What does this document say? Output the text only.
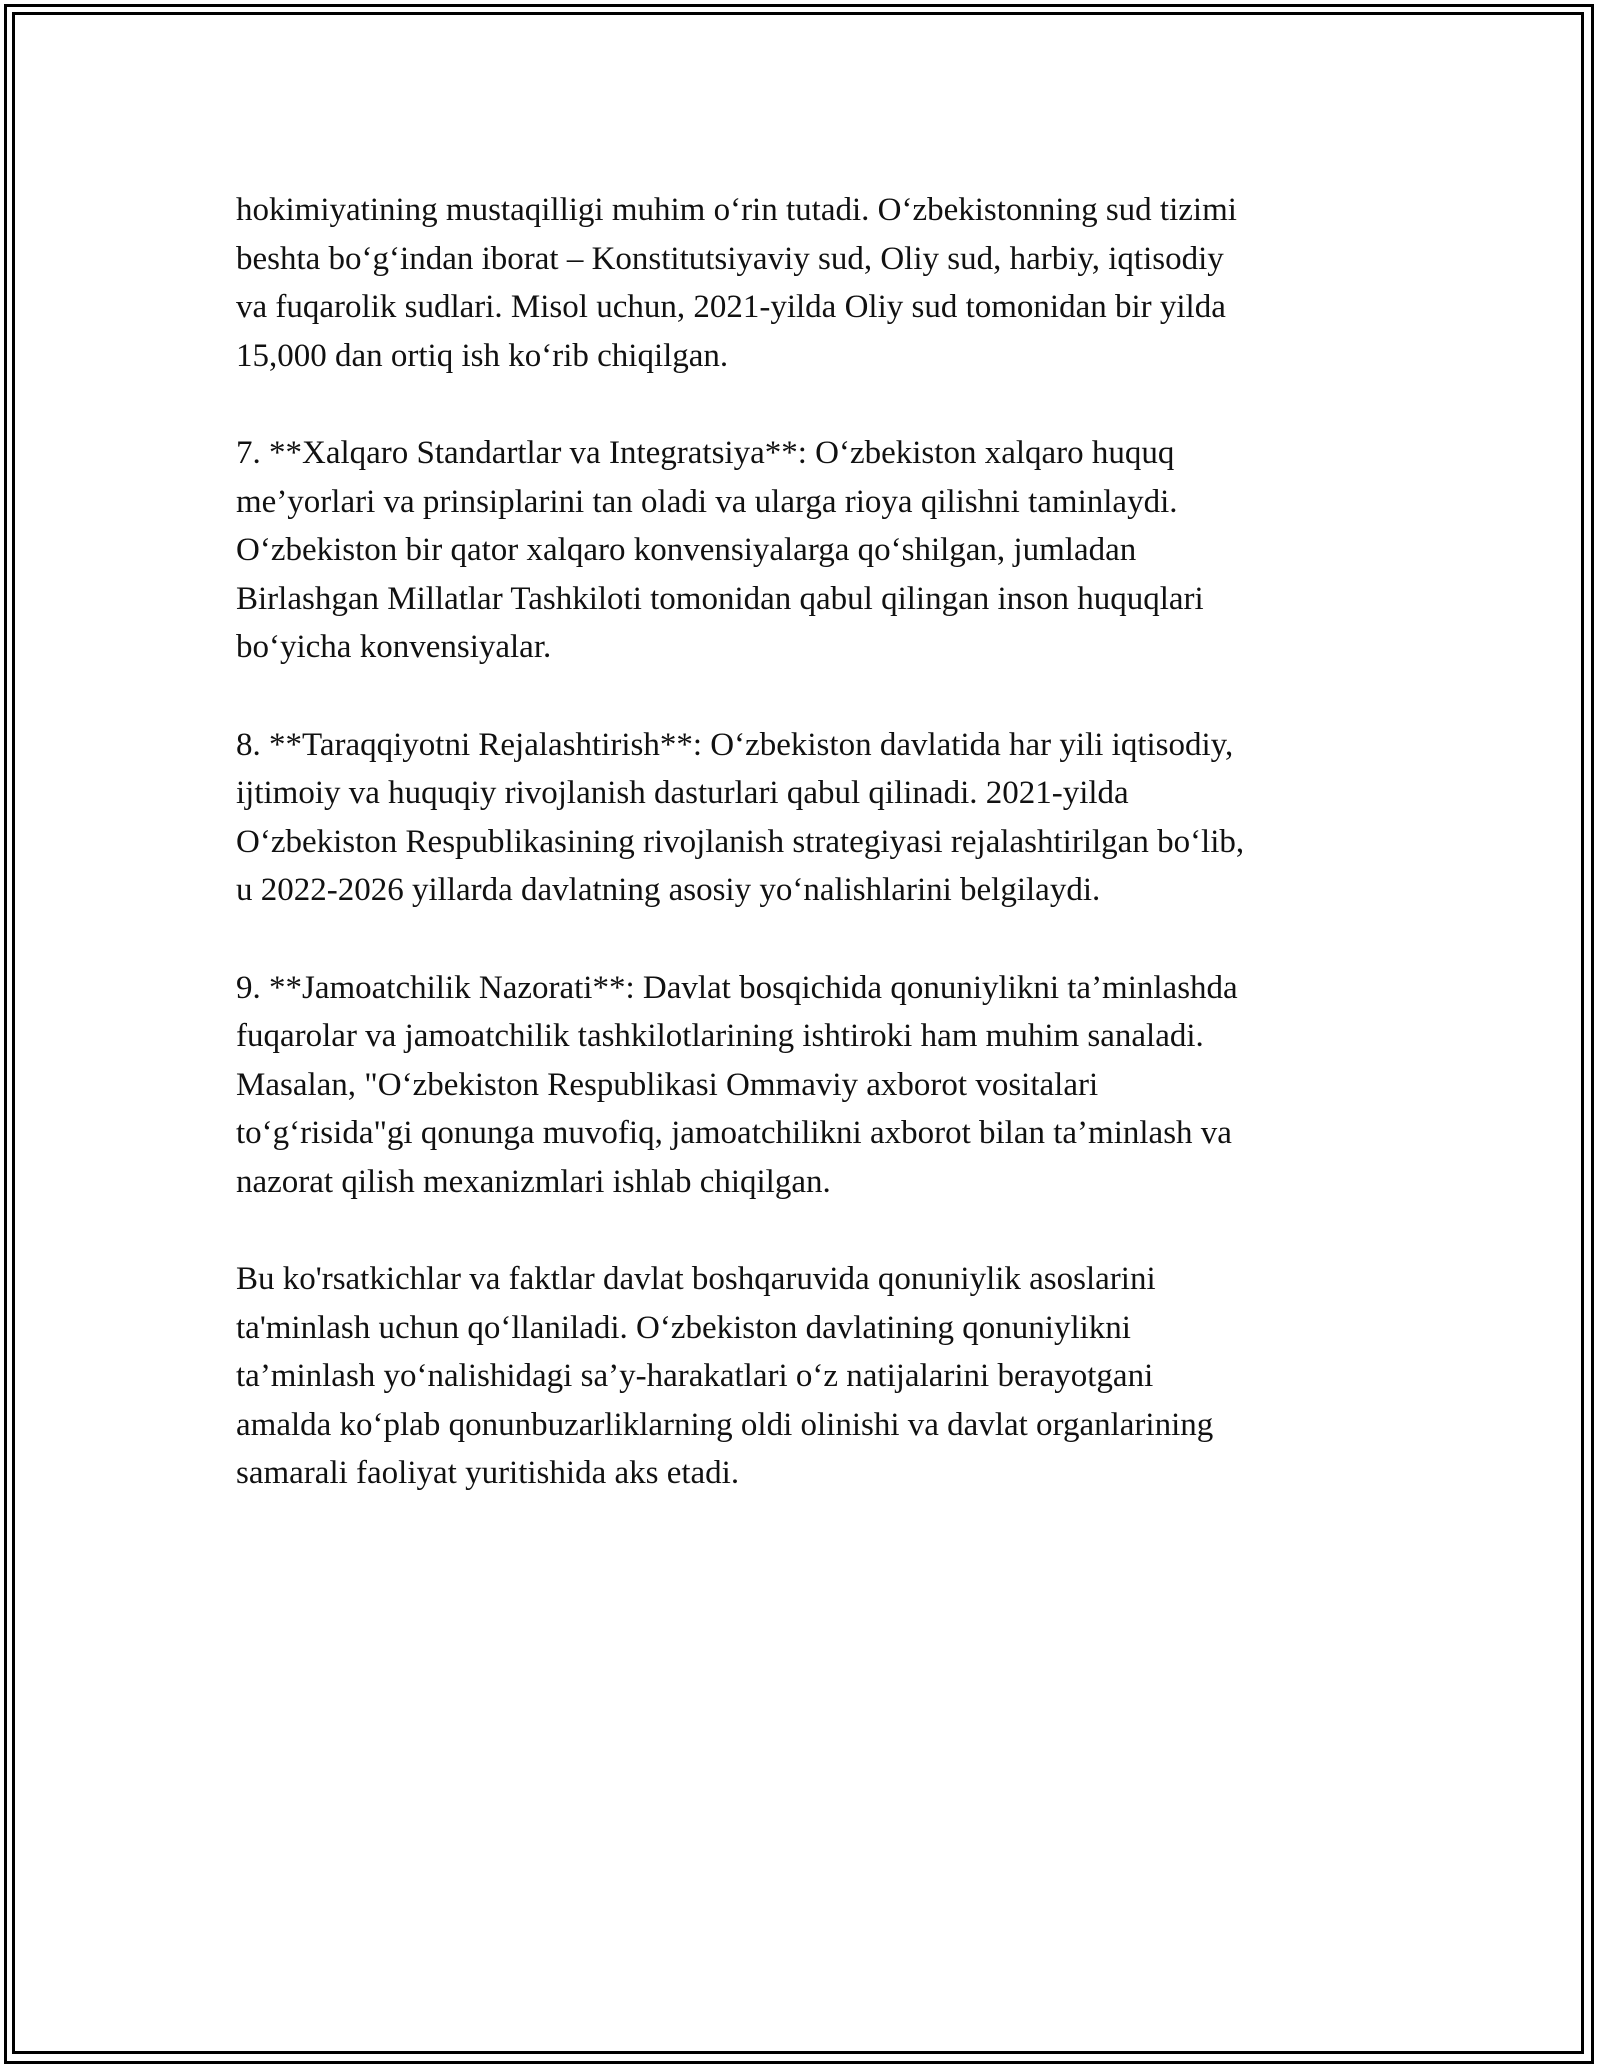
hokimiyatining mustaqilligi muhim o‘rin tutadi. O‘zbekistonning sud tizimi
beshta bo‘g‘indan iborat – Konstitutsiyaviy sud, Oliy sud, harbiy, iqtisodiy
va fuqarolik sudlari. Misol uchun, 2021-yilda Oliy sud tomonidan bir yilda
15,000 dan ortiq ish ko‘rib chiqilgan.

7. **Xalqaro Standartlar va Integratsiya**: O‘zbekiston xalqaro huquq
me’yorlari va prinsiplarini tan oladi va ularga rioya qilishni taminlaydi.
O‘zbekiston bir qator xalqaro konvensiyalarga qo‘shilgan, jumladan
Birlashgan Millatlar Tashkiloti tomonidan qabul qilingan inson huquqlari
bo‘yicha konvensiyalar.

8. **Taraqqiyotni Rejalashtirish**: O‘zbekiston davlatida har yili iqtisodiy,
ijtimoiy va huquqiy rivojlanish dasturlari qabul qilinadi. 2021-yilda
O‘zbekiston Respublikasining rivojlanish strategiyasi rejalashtirilgan bo‘lib,
u 2022-2026 yillarda davlatning asosiy yo‘nalishlarini belgilaydi.

9. **Jamoatchilik Nazorati**: Davlat bosqichida qonuniylikni ta’minlashda
fuqarolar va jamoatchilik tashkilotlarining ishtiroki ham muhim sanaladi.
Masalan, "O‘zbekiston Respublikasi Ommaviy axborot vositalari
to‘g‘risida"gi qonunga muvofiq, jamoatchilikni axborot bilan ta’minlash va
nazorat qilish mexanizmlari ishlab chiqilgan.

Bu ko'rsatkichlar va faktlar davlat boshqaruvida qonuniylik asoslarini
ta'minlash uchun qo‘llaniladi. O‘zbekiston davlatining qonuniylikni
ta’minlash yo‘nalishidagi sa’y-harakatlari o‘z natijalarini berayotgani
amalda ko‘plab qonunbuzarliklarning oldi olinishi va davlat organlarining
samarali faoliyat yuritishida aks etadi.
